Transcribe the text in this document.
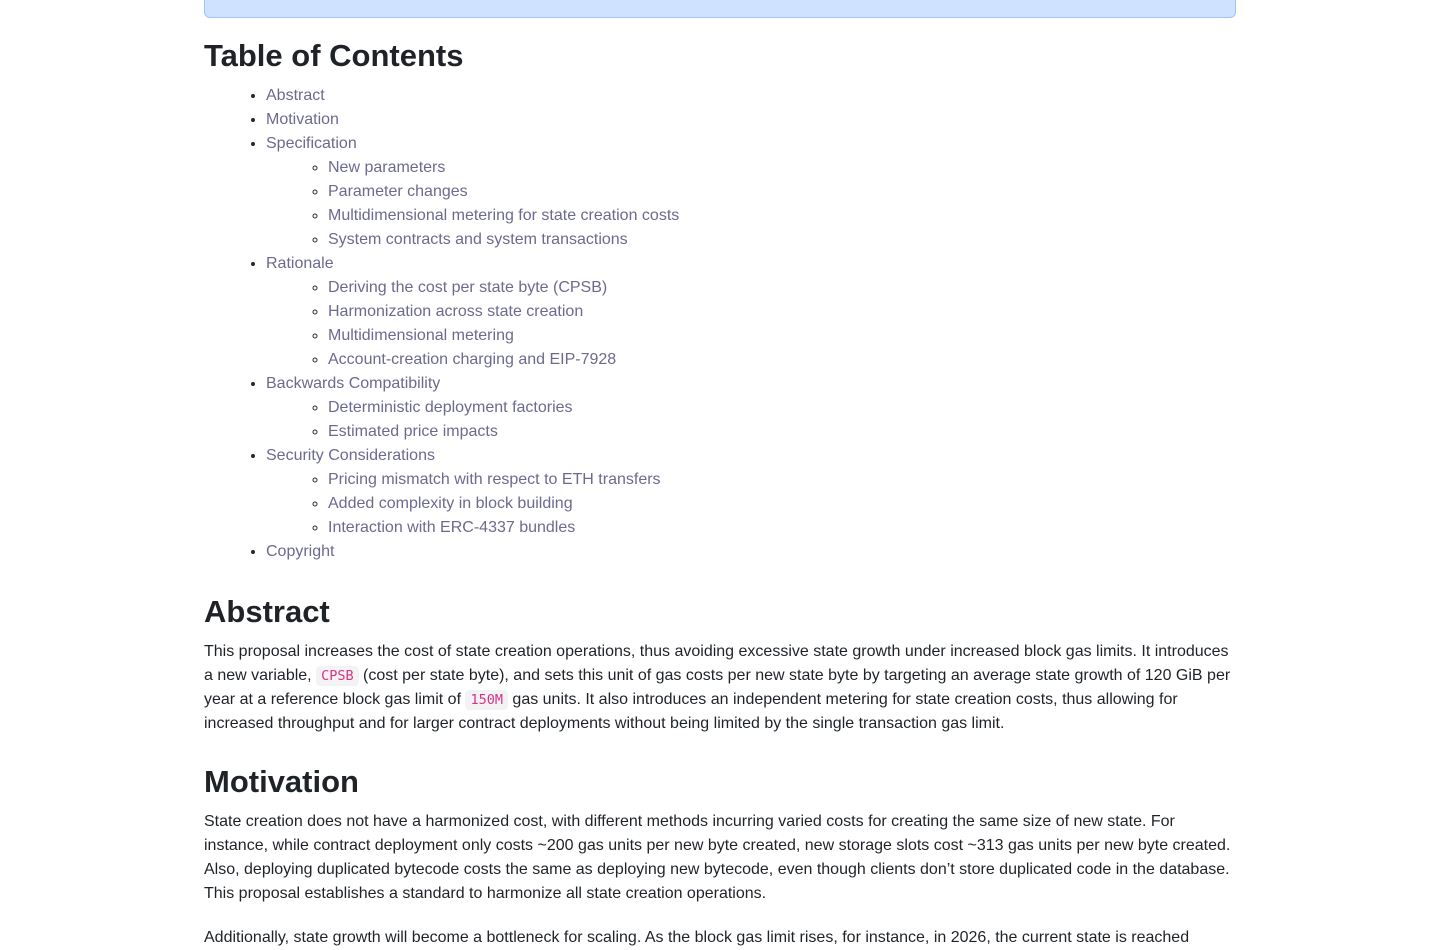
Table of Contents
• Abstract
• Motivation
• Specification
◦ New parameters
◦ Parameter changes
◦ Multidimensional metering for state creation costs
◦ System contracts and system transactions
• Rationale
◦ Deriving the cost per state byte (CPSB)
◦ Harmonization across state creation
◦ Multidimensional metering
◦ Account-creation charging and EIP-7928
• Backwards Compatibility
◦ Deterministic deployment factories
◦ Estimated price impacts
• Security Considerations
◦ Pricing mismatch with respect to ETH transfers
◦ Added complexity in block building
◦ Interaction with ERC-4337 bundles
• Copyright
Abstract

This proposal increases the cost of state creation operations, thus avoiding excessive state growth under increased block gas limits. It introduces a new variable, CPSB (cost per state byte), and sets this unit of gas costs per new state byte by targeting an average state growth of 120 GiB per year at a reference block gas limit of 150M gas units. It also introduces an independent metering for state creation costs, thus allowing for increased throughput and for larger contract deployments without being limited by the single transaction gas limit.

Motivation

State creation does not have a harmonized cost, with different methods incurring varied costs for creating the same size of new state. For instance, while contract deployment only costs ~200 gas units per new byte created, new storage slots cost ~313 gas units per new byte created. Also, deploying duplicated bytecode costs the same as deploying new bytecode, even though clients don’t store duplicated code in the database. This proposal establishes a standard to harmonize all state creation operations.

Additionally, state growth will become a bottleneck for scaling. As the block gas limit rises, for instance, in 2026, the current state is reached
